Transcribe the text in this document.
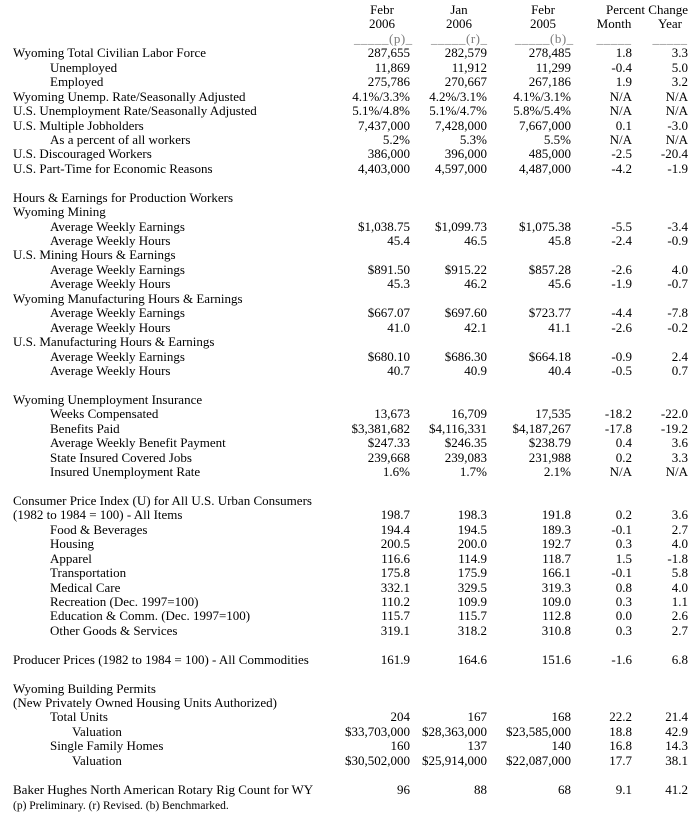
Febr	Jan	Febr	Percent Change
2006	2006	2005	Month	Year
_____(p)_	_____(r)_	_____(b)_	_____	_____
Wyoming Total Civilian Labor Force	287,655	282,579	278,485	1.8	3.3
Unemployed	11,869	11,912	11,299	-0.4	5.0
Employed	275,786	270,667	267,186	1.9	3.2
Wyoming Unemp. Rate/Seasonally Adjusted	4.1%/3.3%	4.2%/3.1%	4.1%/3.1%	N/A	N/A
U.S. Unemployment Rate/Seasonally Adjusted	5.1%/4.8%	5.1%/4.7%	5.8%/5.4%	N/A	N/A
U.S. Multiple Jobholders	7,437,000	7,428,000	7,667,000	0.1	-3.0
As a percent of all workers	5.2%	5.3%	5.5%	N/A	N/A
U.S. Discouraged Workers	386,000	396,000	485,000	-2.5	-20.4
U.S. Part-Time for Economic Reasons	4,403,000	4,597,000	4,487,000	-4.2	-1.9
Hours & Earnings for Production Workers
Wyoming Mining
Average Weekly Earnings	$1,038.75	$1,099.73	$1,075.38	-5.5	-3.4
Average Weekly Hours	45.4	46.5	45.8	-2.4	-0.9
U.S. Mining Hours & Earnings
Average Weekly Earnings	$891.50	$915.22	$857.28	-2.6	4.0
Average Weekly Hours	45.3	46.2	45.6	-1.9	-0.7
Wyoming Manufacturing Hours & Earnings
Average Weekly Earnings	$667.07	$697.60	$723.77	-4.4	-7.8
Average Weekly Hours	41.0	42.1	41.1	-2.6	-0.2
U.S. Manufacturing Hours & Earnings
Average Weekly Earnings	$680.10	$686.30	$664.18	-0.9	2.4
Average Weekly Hours	40.7	40.9	40.4	-0.5	0.7
Wyoming Unemployment Insurance
Weeks Compensated	13,673	16,709	17,535	-18.2	-22.0
Benefits Paid	$3,381,682	$4,116,331	$4,187,267	-17.8	-19.2
Average Weekly Benefit Payment	$247.33	$246.35	$238.79	0.4	3.6
State Insured Covered Jobs	239,668	239,083	231,988	0.2	3.3
Insured Unemployment Rate	1.6%	1.7%	2.1%	N/A	N/A
Consumer Price Index (U) for All U.S. Urban Consumers
(1982 to 1984 = 100) - All Items	198.7	198.3	191.8	0.2	3.6
Food & Beverages	194.4	194.5	189.3	-0.1	2.7
Housing	200.5	200.0	192.7	0.3	4.0
Apparel	116.6	114.9	118.7	1.5	-1.8
Transportation	175.8	175.9	166.1	-0.1	5.8
Medical Care	332.1	329.5	319.3	0.8	4.0
Recreation (Dec. 1997=100)	110.2	109.9	109.0	0.3	1.1
Education & Comm. (Dec. 1997=100)	115.7	115.7	112.8	0.0	2.6
Other Goods & Services	319.1	318.2	310.8	0.3	2.7
Producer Prices (1982 to 1984 = 100) - All Commodities	161.9	164.6	151.6	-1.6	6.8
Wyoming Building Permits
(New Privately Owned Housing Units Authorized)
Total Units	204	167	168	22.2	21.4
Valuation	$33,703,000 $28,363,000	$23,585,000	18.8	42.9
Single Family Homes	160	137	140	16.8	14.3
Valuation	$30,502,000 $25,914,000	$22,087,000	17.7	38.1
Baker Hughes North American Rotary Rig Count for WY	96	88	68	9.1	41.2
(p) Preliminary. (r) Revised. (b) Benchmarked.
